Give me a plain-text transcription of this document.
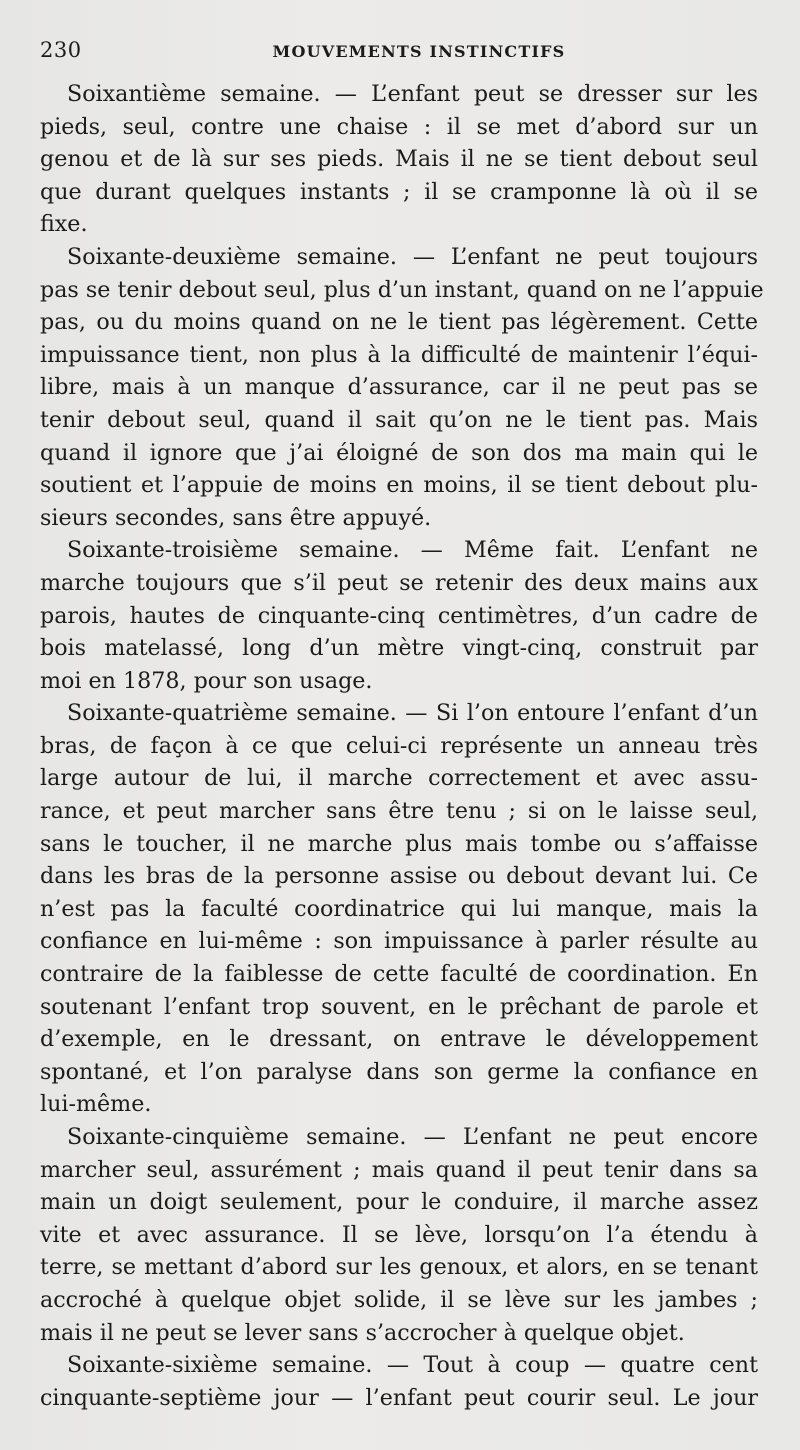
230	MOUVEMENTS INSTINCTIFS

Soixantième semaine. — L’enfant peut se dresser sur les
pieds, seul, contre une chaise : il se met d’abord sur un
genou et de là sur ses pieds. Mais il ne se tient debout seul
que durant quelques instants ; il se cramponne là où il se
fixe.

Soixante-deuxième semaine. — L’enfant ne peut toujours
pas se tenir debout seul, plus d’un instant, quand on ne l’appuie
pas, ou du moins quand on ne le tient pas légèrement. Cette
impuissance tient, non plus à la difficulté de maintenir l’équi-
libre, mais à un manque d’assurance, car il ne peut pas se
tenir debout seul, quand il sait qu’on ne le tient pas. Mais
quand il ignore que j’ai éloigné de son dos ma main qui le
soutient et l’appuie de moins en moins, il se tient debout plu-
sieurs secondes, sans être appuyé.

Soixante-troisième semaine. — Même fait. L’enfant ne
marche toujours que s’il peut se retenir des deux mains aux
parois, hautes de cinquante-cinq centimètres, d’un cadre de
bois matelassé, long d’un mètre vingt-cinq, construit par
moi en 1878, pour son usage.

Soixante-quatrième semaine. — Si l’on entoure l’enfant d’un
bras, de façon à ce que celui-ci représente un anneau très
large autour de lui, il marche correctement et avec assu-
rance, et peut marcher sans être tenu ; si on le laisse seul,
sans le toucher, il ne marche plus mais tombe ou s’affaisse
dans les bras de la personne assise ou debout devant lui. Ce
n’est pas la faculté coordinatrice qui lui manque, mais la
confiance en lui-même : son impuissance à parler résulte au
contraire de la faiblesse de cette faculté de coordination. En
soutenant l’enfant trop souvent, en le prêchant de parole et
d’exemple, en le dressant, on entrave le développement
spontané, et l’on paralyse dans son germe la confiance en
lui-même.

Soixante-cinquième semaine. — L’enfant ne peut encore
marcher seul, assurément ; mais quand il peut tenir dans sa
main un doigt seulement, pour le conduire, il marche assez
vite et avec assurance. Il se lève, lorsqu’on l’a étendu à
terre, se mettant d’abord sur les genoux, et alors, en se tenant
accroché à quelque objet solide, il se lève sur les jambes ;
mais il ne peut se lever sans s’accrocher à quelque objet.

Soixante-sixième semaine. — Tout à coup — quatre cent
cinquante-septième jour — l’enfant peut courir seul. Le jour
